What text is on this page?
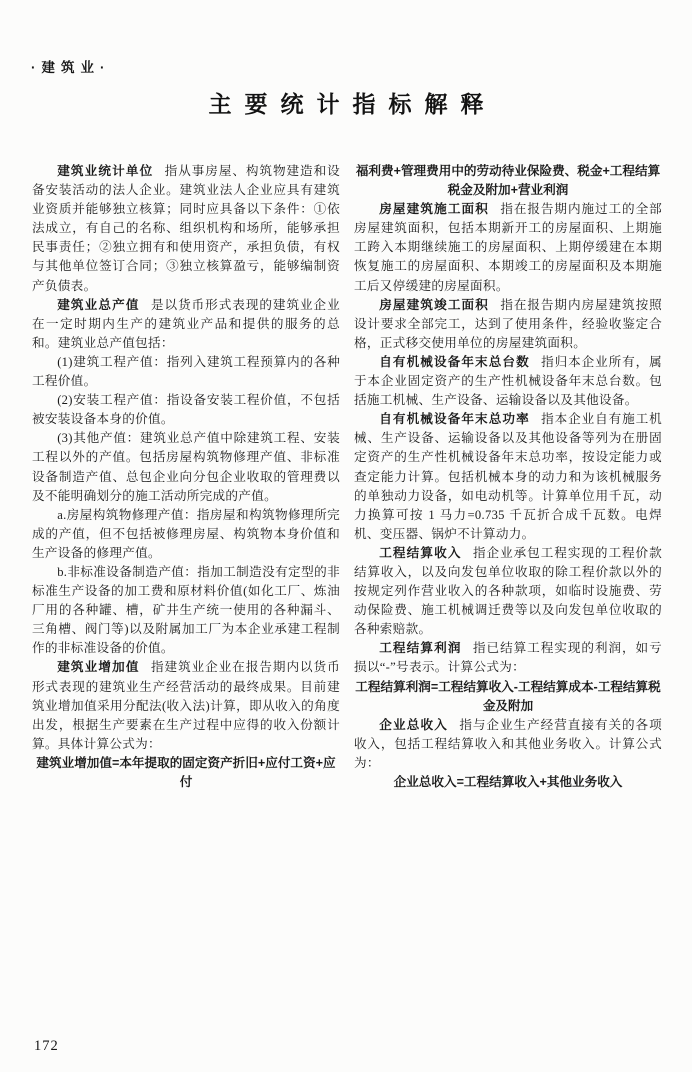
·建筑业·
主要统计指标解释

建筑业统计单位 指从事房屋、构筑物建造和设备安装活动的法人企业。建筑业法人企业应具有建筑业资质并能够独立核算；同时应具备以下条件：①依法成立，有自己的名称、组织机构和场所，能够承担民事责任；②独立拥有和使用资产，承担负债，有权与其他单位签订合同；③独立核算盈亏，能够编制资产负债表。

建筑业总产值 是以货币形式表现的建筑业企业在一定时期内生产的建筑业产品和提供的服务的总和。建筑业总产值包括：

(1)建筑工程产值：指列入建筑工程预算内的各种工程价值。

(2)安装工程产值：指设备安装工程价值，不包括被安装设备本身的价值。

(3)其他产值：建筑业总产值中除建筑工程、安装工程以外的产值。包括房屋构筑物修理产值、非标准设备制造产值、总包企业向分包企业收取的管理费以及不能明确划分的施工活动所完成的产值。

a.房屋构筑物修理产值：指房屋和构筑物修理所完成的产值，但不包括被修理房屋、构筑物本身价值和生产设备的修理产值。

b.非标准设备制造产值：指加工制造没有定型的非标准生产设备的加工费和原材料价值(如化工厂、炼油厂用的各种罐、槽，矿井生产统一使用的各种漏斗、三角槽、阀门等)以及附属加工厂为本企业承建工程制作的非标准设备的价值。

建筑业增加值 指建筑业企业在报告期内以货币形式表现的建筑业生产经营活动的最终成果。目前建筑业增加值采用分配法(收入法)计算，即从收入的角度出发，根据生产要素在生产过程中应得的收入份额计算。具体计算公式为：

建筑业增加值=本年提取的固定资产折旧+应付工资+应付

福利费+管理费用中的劳动待业保险费、税金+工程结算税金及附加+营业利润

房屋建筑施工面积 指在报告期内施过工的全部房屋建筑面积，包括本期新开工的房屋面积、上期施工跨入本期继续施工的房屋面积、上期停缓建在本期恢复施工的房屋面积、本期竣工的房屋面积及本期施工后又停缓建的房屋面积。

房屋建筑竣工面积 指在报告期内房屋建筑按照设计要求全部完工，达到了使用条件，经验收鉴定合格，正式移交使用单位的房屋建筑面积。

自有机械设备年末总台数 指归本企业所有，属于本企业固定资产的生产性机械设备年末总台数。包括施工机械、生产设备、运输设备以及其他设备。

自有机械设备年末总功率 指本企业自有施工机械、生产设备、运输设备以及其他设备等列为在册固定资产的生产性机械设备年末总功率，按设定能力或查定能力计算。包括机械本身的动力和为该机械服务的单独动力设备，如电动机等。计算单位用千瓦，动力换算可按 1 马力=0.735 千瓦折合成千瓦数。电焊机、变压器、锅炉不计算动力。

工程结算收入 指企业承包工程实现的工程价款结算收入，以及向发包单位收取的除工程价款以外的按规定列作营业收入的各种款项，如临时设施费、劳动保险费、施工机械调迁费等以及向发包单位收取的各种索赔款。

工程结算利润 指已结算工程实现的利润，如亏损以“-”号表示。计算公式为：

工程结算利润=工程结算收入-工程结算成本-工程结算税金及附加

企业总收入 指与企业生产经营直接有关的各项收入，包括工程结算收入和其他业务收入。计算公式为：

企业总收入=工程结算收入+其他业务收入

172
